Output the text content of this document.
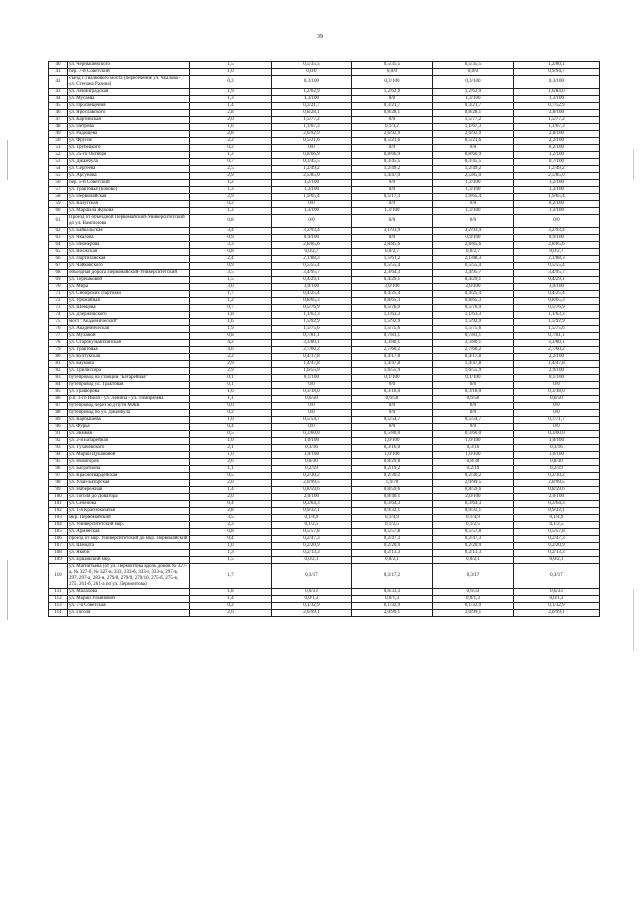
39
40	ул. Чернышевского	1,5	0,5/35,5	0,5/35,5	0,5/35,5	1,2/80,1
41	пер. 7-й Советский	1,0	0,0/0	0,0/0	0,0/0	0,9/94,7
42	съезд с Гвалкового моста (пересечение ул. Чкалова - ул. Степана Разина)	0,3	0,3/100	0,3/100	0,3/100	0,3/100
43	ул. Ленинградская	1,9	1,2/62,9	1,2/62,9	1,2/62,9	1,6/84,0
44	ул. Мусаева	1,3	1,3/100	0/0	1,3/100	1,3/100
45	ул. Просвещения	1,4	0,3/21,7	0,3/21,7	0,3/21,7	0,7/52,9
46	ул. Ярославского	2,8	0,8/28,1	0,8/28,1	0,8/28,1	2,8/100
47	ул. Картинская	2,0	1,5/77,2	0/0	1,5/77,2	1,5/77,2
48	ул. Петрова	1,6	1,1/67,3	0,1/3,2	1,1/67,3	1,1/67,3
49	ул. Радищева	2,8	2,6/92,9	2,6/92,9	2,6/92,9	2,8/100
50	ул. Фрунзе	2,2	0,5/21,6	0,5/21,6	0,5/21,6	2,2/100
51	ул. Трубецкого	0,2	0/0	0/0	0/0	0,2/100
52	ул. 25-го Октября	1,2	0,8/66,9	0,8/66,9	0,8/66,9	1,2/100
53	ул. Джамбула	0,7	0,3/45,5	0,3/45,5	0,3/45,5	0,7/100
54	ул. Сергеева	2,5	1,2/49,2	1,2/49,2	1,2/49,2	1,2/49,2
55	ул. Аргунова	2,9	2,5/85,0	1,4/47,0	2,5/85,0	2,5/85,0
56	пер. 5-й Советский	1,2	1,2/100	0/0	1,2/100	1,2/100
57	ул. Трактовая (Боково)	1,3	1,3/100	0/0	1,3/100	1,3/100
58	ул. Первомайская	2,9	1,9/65,4	0,5/17,3	1,9/65,4	1,9/65,4
59	ул. Калугская	0,2	0/0	0/0	0/0	0,2/100
60	ул. Маршала Жукова	1,3	1,3/100	1,3/100	1,3/100	1,3/100
61	Проезд от объездной Первомайский-Университетский до ул. Вампилова	0,8	0/0	0/0	0/0	0/0
62	ул. Байкальская	3,4	3,2/93,4	3,1/91,9	3,2/93,4	3,2/93,4
63	ул. Чкалова	0,9	0,9/100	0/0	0,9/100	0,9/100
64	ул. Пионерова	3,3	2,8/85,6	2,8/85,6	2,8/85,6	2,8/85,6
65	ул. Волжская	0,8	0,0/2,7	0,0/2,7	0,0/2,7	0,0/2,7
66	ул. Партизанская	2,4	2,1/88,3	1,5/61,2	2,1/88,3	2,1/88,3
67	ул. Чайковского	0,9	0,5/55,4	0,5/55,4	0,5/55,4	0,5/55,4
68	объездная дорога Первомайский-Университетский	3,5	3,4/95,7	2,3/64,3	3,4/95,7	3,4/95,7
69	ул. Терешковой	1,5	0,4/29,1	0,4/29,1	0,4/29,1	0,4/29,1
70	ул. Мира	3,0	3,0/100	3,0/100	3,0/100	3,0/100
71	ул. Сибирских Партизан	1,7	0,4/25,4	0,4/25,4	0,4/25,4	0,4/25,4
72	ул. Урожайная	1,2	0,8/65,3	0,8/65,3	0,8/65,3	0,8/65,3
73	ул. Шевцова	0,7	0,5/76,9	0,5/76,9	0,5/76,9	0,5/76,9
74	ул. Дзержинского	1,8	1,1/63,3	1,1/63,3	1,1/63,3	1,1/63,3
75	мост "Академический"	1,6	1,5/92,9	1,5/92,9	1,5/92,9	1,5/92,9
76	ул. Академическая	1,9	1,5/75,6	1,5/75,6	1,5/75,6	1,5/75,6
77	ул. Муханой	0,8	0,7/81,1	0,7/81,1	0,7/81,1	0,7/81,1
78	ул. Старокузьмихинская	4,2	3,3/80,1	3,3/80,1	3,3/80,1	3,3/80,1
79	ул. Трактовая	4,6	2,7/60,2	2,7/60,2	2,7/60,2	2,7/60,2
80	ул. Култукская	2,2	0,4/17,8	0,4/17,8	0,4/17,8	2,2/100
81	ул. Баумана	2,9	1,4/47,8	1,4/47,8	1,4/47,8	1,4/47,8
82	ул. Трилиссера	2,9	1,6/55,9	1,6/55,9	1,6/55,9	2,9/100
83	путепровод на станции "Батарейная"	0,1	0,1/100	0,1/100	0,1/100	0,1/100
84	путепровод ул. Трактовая	0,1	0/0	0/0	0/0	0/0
85	ул. Гравюрова	1,6	0,3/18,0	0,3/18,0	0,3/18,0	0,3/18,0
86	р.п. 3-го Июля - ул. Ленина - ул. Тимирязева	1,1	0,6/50	0,6/50	0,6/50	0,6/50
87	путепровод через ж/д пути МЖК	0,0	0/0	0/0	0/0	0/0
88	путепровод по ул. Джамбула	0,2	0/0	0/0	0/0	0/0
89	ул. Карбышева	1,0	0,5/54,7	0,5/54,7	0,5/54,7	0,7/71,7
90	ул. Фурье	0,4	0/0	0/0	0/0	0/0
91	ул. Зимняя	0,5	0,3/60,0	0,5/80,0	0,3/60,0	0,3/60,0
92	ул. 2-я Батарейная	1,0	1,0/100	1,0/100	1,0/100	1,0/100
93	ул. Тухачевского	2,1	0,3/16	0,3/16,0	0,3/16	0,3/16
94	ул. Марии Цукановой	1,0	1,0/100	1,0/100	1,0/100	1,0/100
95	ул. Новаторов	2,6	0,8/30	0,8/29,8	0,8/30	0,8/30
96	ул. Багратиона	1,1	0,2/19	0,2/19,2	0,2/19	0,2/19
97	ул. Красногвардейская	0,5	0,2/30,2	0,2/30,2	0,2/30,2	0,2/30,2
98	ул. Улан-Баторская	2,0	2,0/99,5	1,4/70	2,0/99,5	2,0/99,5
99	ул. Набережная	1,4	0,8/59,6	0,8/59,6	0,8/59,6	0,8/59,6
100	ул. Гоголя до Доватора	2,0	2,0/100	0,8/40,1	2,0/100	2,0/100
101	ул. Сеченова	0,4	0,3/64,3	0,3/64,3	0,3/64,3	0,3/64,3
102	ул. 1-я Красноказачья	2,8	0,9/32,1	0,9/32,1	0,9/32,1	0,9/32,1
103	мкр. Первомайский	3,5	0,1/4,9	0,1/4,9	0,1/4,9	0,1/4,9
104	ул. Университетский мкр.	2,3	0,1/2,5	0,1/2,5	0,1/2,5	0,1/2,5
105	ул. Армянская	0,8	0,5/57,8	0,5/57,8	0,5/57,8	0,5/57,8
106	проезд от мкр. Университетский до мкр. Первомайский	0,4	0,2/47,3	0,2/47,3	0,2/47,3	0,2/47,3
107	ул. Шмидта	1,0	0,2/20,9	0,2/20,9	0,2/20,9	0,2/20,9
108	ул. Якоби	1,3	0,2/13,3	0,2/13,3	0,2/13,3	0,2/13,3
109	ул. Ершовский мкр.	1,5	0,0/2,1	0,0/2,1	0,0/2,1	0,0/2,1
110	ул. Магнитьева (от ул. Лермонтова вдоль домов № 327-а, № 327-б, № 327-в, 333, 333-б, 333-г, 333-а, 297-в, 297, 297-а, 283-в, 279/8, 279/9, 279/10, 275-б, 275-в, 275, 261-б, 261-а по ул. Лермонтова)	1,7	0,3/17	0,3/17,2	0,3/17	0,3/17
111	ул. Малахова	1,8	0,6/33	0,6/33,3	0,6/33	0,6/33
112	ул. Марии Ульяновой	1,4	0,0/1,3	0,0/1,3	0,0/1,3	0,0/1,3
113	ул. 7-я Советская	0,2	0,1/32,9	0,1/32,9	0,1/32,9	0,1/32,9
114	ул. Гоголя	2,0	2,0/99,1	2,0/99,1	2,0/99,1	2,0/99,1
